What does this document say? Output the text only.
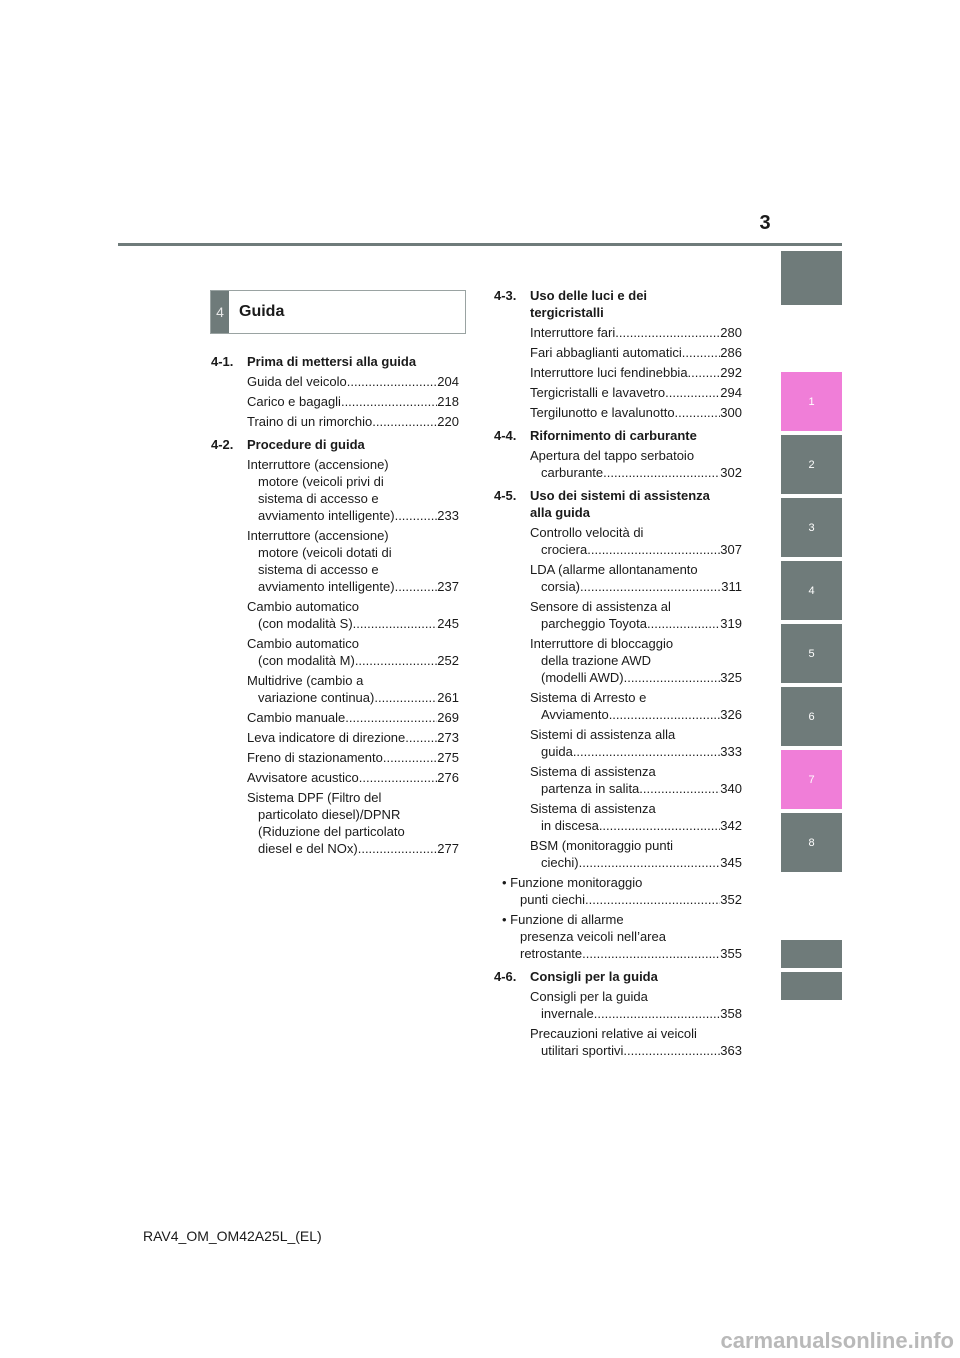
3
1
2
3
4
5
6
7
8
4 Guida
4-1.	Prima di mettersi alla guida
Guida del veicolo .....	204
Carico e bagagli .....	218
Traino di un rimorchio .....	220
4-2.	Procedure di guida
Interruttore (accensione)
motore (veicoli privi di
sistema di accesso e
avviamento intelligente) .....	233
Interruttore (accensione)
motore (veicoli dotati di
sistema di accesso e
avviamento intelligente) .....	237
Cambio automatico
(con modalità S) .....	245
Cambio automatico
(con modalità M) .....	252
Multidrive (cambio a
variazione continua) .....	261
Cambio manuale .....	269
Leva indicatore di direzione ..... 273
Freno di stazionamento .....	275
Avvisatore acustico .....	276
Sistema DPF (Filtro del
particolato diesel)/DPNR
(Riduzione del particolato
diesel e del NOx) .....	277
4-3.	Uso delle luci e dei
tergicristalli
Interruttore fari .....	280
Fari abbaglianti automatici .....	286
Interruttore luci fendinebbia .....	292
Tergicristalli e lavavetro .....	294
Tergilunotto e lavalunotto .....	300
4-4.	Rifornimento di carburante
Apertura del tappo serbatoio
carburante .....	302
4-5.	Uso dei sistemi di assistenza
alla guida
Controllo velocità di
crociera .....	307
LDA (allarme allontanamento
corsia) .....	311
Sensore di assistenza al
parcheggio Toyota .....	319
Interruttore di bloccaggio
della trazione AWD
(modelli AWD) .....	325
Sistema di Arresto e
Avviamento .....	326
Sistemi di assistenza alla
guida .....	333
Sistema di assistenza
partenza in salita .....	340
Sistema di assistenza
in discesa .....	342
BSM (monitoraggio punti
ciechi) .....	345
• Funzione monitoraggio
punti ciechi .....	352
• Funzione di allarme
presenza veicoli nell’area
retrostante .....	355
4-6.	Consigli per la guida
Consigli per la guida
invernale .....	358
Precauzioni relative ai veicoli
utilitari sportivi .....	363
RAV4_OM_OM42A25L_(EL)
carmanualsonline.info
